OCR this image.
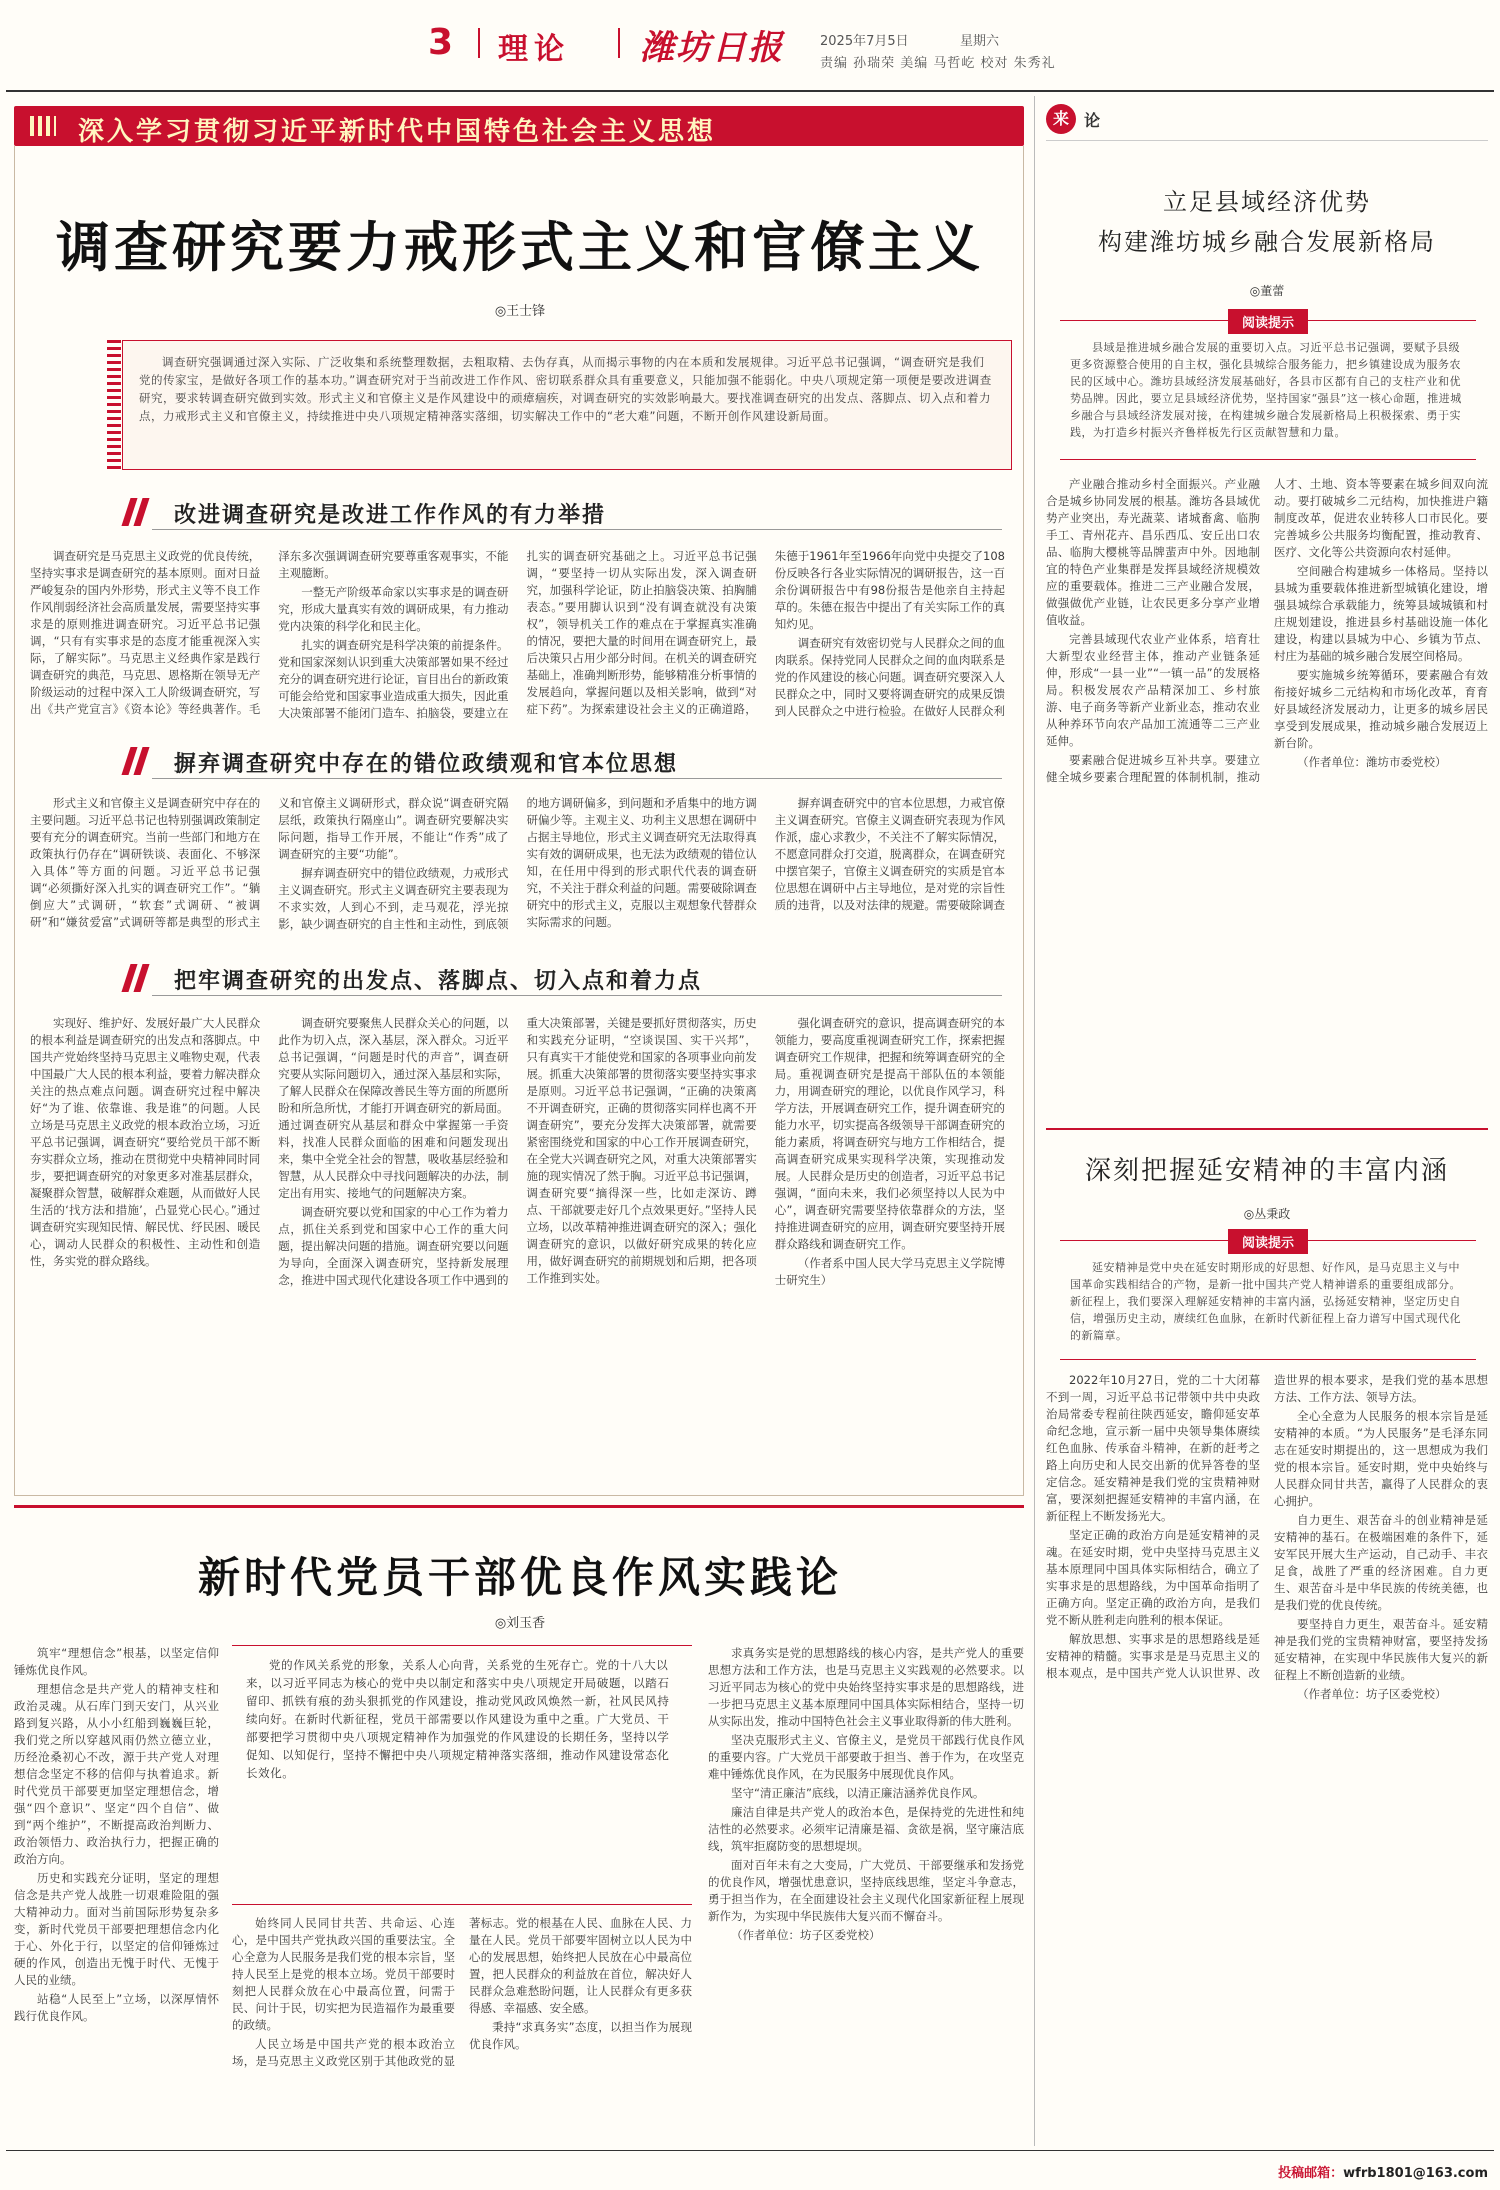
3 理论 潍坊日报	2025年7月5日	星期六
责编 孙瑞荣 美编 马哲屹 校对 朱秀礼
深入学习贯彻习近平新时代中国特色社会主义思想
调查研究要力戒形式主义和官僚主义
◎王士锋

调查研究强调通过深入实际、广泛收集和系统整理数据，去粗取精、去伪存真，从而揭示事物的内在本质和发展规律。习近平总书记强调，“调查研究是我们党的传家宝，是做好各项工作的基本功。”调查研究对于当前改进工作作风、密切联系群众具有重要意义，只能加强不能弱化。中央八项规定第一项便是要改进调查研究，要求转调查研究做到实效。形式主义和官僚主义是作风建设中的顽瘴痼疾，对调查研究的实效影响最大。要找准调查研究的出发点、落脚点、切入点和着力点，力戒形式主义和官僚主义，持续推进中央八项规定精神落实落细，切实解决工作中的“老大难”问题，不断开创作风建设新局面。

改进调查研究是改进工作作风的有力举措

调查研究是马克思主义政党的优良传统，坚持实事求是调查研究的基本原则。面对日益严峻复杂的国内外形势，形式主义等不良工作作风削弱经济社会高质量发展，需要坚持实事求是的原则推进调查研究。习近平总书记强调，“只有有实事求是的态度才能重视深入实际，了解实际”。马克思主义经典作家是践行调查研究的典范，马克思、恩格斯在领导无产阶级运动的过程中深入工人阶级调查研究，写出《共产党宣言》《资本论》等经典著作。毛泽东多次强调调查研究要尊重客观事实，不能主观臆断。

一整无产阶级革命家以实事求是的调查研究，形成大量真实有效的调研成果，有力推动党内决策的科学化和民主化。

扎实的调查研究是科学决策的前提条件。党和国家深刻认识到重大决策部署如果不经过充分的调查研究进行论证，盲目出台的新政策可能会给党和国家事业造成重大损失，因此重大决策部署不能闭门造车、拍脑袋，要建立在扎实的调查研究基础之上。习近平总书记强调，“要坚持一切从实际出发，深入调查研究，加强科学论证，防止拍脑袋决策、拍胸脯表态。”要用脚认识到“没有调查就没有决策权”，领导机关工作的难点在于掌握真实准确的情况，要把大量的时间用在调查研究上，最后决策只占用少部分时间。在机关的调查研究基础上，准确判断形势，能够精准分析事情的发展趋向，掌握问题以及相关影响，做到“对症下药”。为探索建设社会主义的正确道路，朱德于1961年至1966年向党中央提交了108份反映各行各业实际情况的调研报告，这一百余份调研报告中有98份报告是他亲自主持起草的。朱德在报告中提出了有关实际工作的真知灼见。

调查研究有效密切党与人民群众之间的血肉联系。保持党同人民群众之间的血肉联系是党的作风建设的核心问题。调查研究要深入人民群众之中，同时又要将调查研究的成果反馈到人民群众之中进行检验。在做好人民群众利

摒弃调查研究中存在的错位政绩观和官本位思想

形式主义和官僚主义是调查研究中存在的主要问题。习近平总书记也特别强调政策制定要有充分的调查研究。当前一些部门和地方在政策执行仍存在“调研铁谈、表面化、不够深入具体”等方面的问题。习近平总书记强调“必须撕好深入扎实的调查研究工作”。“躺倒应大”式调研，“软套”式调研、“被调研”和“嫌贫爱富”式调研等都是典型的形式主义和官僚主义调研形式，群众说“调查研究隔层纸，政策执行隔座山”。调查研究要解决实际问题，指导工作开展，不能让“作秀”成了调查研究的主要“功能”。

摒弃调查研究中的错位政绩观，力戒形式主义调查研究。形式主义调查研究主要表现为不求实效，人到心不到，走马观花，浮光掠影，缺少调查研究的自主性和主动性，到底领的地方调研偏多，到问题和矛盾集中的地方调研偏少等。主观主义、功利主义思想在调研中占据主导地位，形式主义调查研究无法取得真实有效的调研成果，也无法为政绩观的错位认知，在任用中得到的形式职代代表的调查研究，不关注于群众利益的问题。需要破除调查研究中的形式主义，克服以主观想象代替群众实际需求的问题。

摒弃调查研究中的官本位思想，力戒官僚主义调查研究。官僚主义调查研究表现为作风作派，虚心求教少，不关注不了解实际情况，不愿意同群众打交道，脱离群众，在调查研究中摆官架子，官僚主义调查研究的实质是官本位思想在调研中占主导地位，是对党的宗旨性质的违背，以及对法律的规避。需要破除调查

把牢调查研究的出发点、落脚点、切入点和着力点

实现好、维护好、发展好最广大人民群众的根本利益是调查研究的出发点和落脚点。中国共产党始终坚持马克思主义唯物史观，代表中国最广大人民的根本利益，要着力解决群众关注的热点难点问题。调查研究过程中解决好“为了谁、依靠谁、我是谁”的问题。人民立场是马克思主义政党的根本政治立场，习近平总书记强调，调查研究“要给党员干部不断夯实群众立场，推动在贯彻党中央精神同时同步，要把调查研究的对象更多对准基层群众，凝聚群众智慧，破解群众难题，从而做好人民生活的‘找方法和措施’，凸显党心民心。”通过调查研究实现知民情、解民忧、纾民困、暖民心，调动人民群众的积极性、主动性和创造性，务实党的群众路线。

调查研究要聚焦人民群众关心的问题，以此作为切入点，深入基层，深入群众。习近平总书记强调，“问题是时代的声音”，调查研究要从实际问题切入，通过深入基层和实际，了解人民群众在保障改善民生等方面的所愿所盼和所急所忧，才能打开调查研究的新局面。通过调查研究从基层和群众中掌握第一手资料，找准人民群众面临的困难和问题发现出来，集中全党全社会的智慧，吸收基层经验和智慧，从人民群众中寻找问题解决的办法，制定出有用实、接地气的问题解决方案。

调查研究要以党和国家的中心工作为着力点，抓住关系到党和国家中心工作的重大问题，提出解决问题的措施。调查研究要以问题为导向，全面深入调查研究，坚持新发展理念，推进中国式现代化建设各项工作中遇到的重大决策部署，关键是要抓好贯彻落实，历史和实践充分证明，“空谈误国、实干兴邦”，只有真实干才能使党和国家的各项事业向前发展。抓重大决策部署的贯彻落实要坚持实事求是原则。习近平总书记强调，“正确的决策离不开调查研究，正确的贯彻落实同样也离不开调查研究”，要充分发挥大决策部署，就需要紧密围绕党和国家的中心工作开展调查研究，在全党大兴调查研究之风，对重大决策部署实施的现实情况了然于胸。习近平总书记强调，调查研究要“摘得深一些，比如走深访、蹲点、干部就要走好几个点效果更好。”坚持人民立场，以改革精神推进调查研究的深入；强化调查研究的意识，以做好研究成果的转化应用，做好调查研究的前期规划和后期，把各项工作推到实处。

强化调查研究的意识，提高调查研究的本领能力，要高度重视调查研究工作，探索把握调查研究工作规律，把握和统筹调查研究的全局。重视调查研究是提高干部队伍的本领能力，用调查研究的理论，以优良作风学习，科学方法，开展调查研究工作，提升调查研究的能力水平，切实提高各级领导干部调查研究的能力素质，将调查研究与地方工作相结合，提高调查研究成果实现科学决策，实现推动发展。人民群众是历史的创造者，习近平总书记强调，“面向未来，我们必须坚持以人民为中心”，调查研究需要坚持依靠群众的方法，坚持推进调查研究的应用，调查研究要坚持开展群众路线和调查研究工作。

（作者系中国人民大学马克思主义学院博士研究生）

新时代党员干部优良作风实践论
◎刘玉香

筑牢“理想信念”根基，以坚定信仰锤炼优良作风。

理想信念是共产党人的精神支柱和政治灵魂。从石库门到天安门，从兴业路到复兴路，从小小红船到巍巍巨轮，我们党之所以穿越风雨仍然立德立业，历经沧桑初心不改，源于共产党人对理想信念坚定不移的信仰与执着追求。新时代党员干部要更加坚定理想信念，增强“四个意识”、坚定“四个自信”、做到“两个维护”，不断提高政治判断力、政治领悟力、政治执行力，把握正确的政治方向。

历史和实践充分证明，坚定的理想信念是共产党人战胜一切艰难险阻的强大精神动力。面对当前国际形势复杂多变，新时代党员干部要把理想信念内化于心、外化于行，以坚定的信仰锤炼过硬的作风，创造出无愧于时代、无愧于人民的业绩。

站稳“人民至上”立场，以深厚情怀践行优良作风。

党的作风关系党的形象，关系人心向背，关系党的生死存亡。党的十八大以来，以习近平同志为核心的党中央以制定和落实中央八项规定开局破题，以踏石留印、抓铁有痕的劲头狠抓党的作风建设，推动党风政风焕然一新，社风民风持续向好。在新时代新征程，党员干部需要以作风建设为重中之重。广大党员、干部要把学习贯彻中央八项规定精神作为加强党的作风建设的长期任务，坚持以学促知、以知促行，坚持不懈把中央八项规定精神落实落细，推动作风建设常态化长效化。

始终同人民同甘共苦、共命运、心连心，是中国共产党执政兴国的重要法宝。全心全意为人民服务是我们党的根本宗旨，坚持人民至上是党的根本立场。党员干部要时刻把人民群众放在心中最高位置，问需于民、问计于民，切实把为民造福作为最重要的政绩。

人民立场是中国共产党的根本政治立场，是马克思主义政党区别于其他政党的显著标志。党的根基在人民、血脉在人民、力量在人民。党员干部要牢固树立以人民为中心的发展思想，始终把人民放在心中最高位置，把人民群众的利益放在首位，解决好人民群众急难愁盼问题，让人民群众有更多获得感、幸福感、安全感。

秉持“求真务实”态度，以担当作为展现优良作风。

求真务实是党的思想路线的核心内容，是共产党人的重要思想方法和工作方法，也是马克思主义实践观的必然要求。以习近平同志为核心的党中央始终坚持实事求是的思想路线，进一步把马克思主义基本原理同中国具体实际相结合，坚持一切从实际出发，推动中国特色社会主义事业取得新的伟大胜利。

坚决克服形式主义、官僚主义，是党员干部践行优良作风的重要内容。广大党员干部要敢于担当、善于作为，在攻坚克难中锤炼优良作风，在为民服务中展现优良作风。

坚守“清正廉洁”底线，以清正廉洁涵养优良作风。

廉洁自律是共产党人的政治本色，是保持党的先进性和纯洁性的必然要求。必须牢记清廉是福、贪欲是祸，坚守廉洁底线，筑牢拒腐防变的思想堤坝。

面对百年未有之大变局，广大党员、干部要继承和发扬党的优良作风，增强忧患意识，坚持底线思维，坚定斗争意志，勇于担当作为，在全面建设社会主义现代化国家新征程上展现新作为，为实现中华民族伟大复兴而不懈奋斗。

（作者单位：坊子区委党校）

来 论
立足县域经济优势
构建潍坊城乡融合发展新格局
◎董蕾
阅读提示

县域是推进城乡融合发展的重要切入点。习近平总书记强调，要赋予县级更多资源整合使用的自主权，强化县城综合服务能力，把乡镇建设成为服务农民的区域中心。潍坊县域经济发展基础好，各县市区都有自己的支柱产业和优势品牌。因此，要立足县域经济优势，坚持国家“强县”这一核心命题，推进城乡融合与县域经济发展对接，在构建城乡融合发展新格局上积极探索、勇于实践，为打造乡村振兴齐鲁样板先行区贡献智慧和力量。

产业融合推动乡村全面振兴。产业融合是城乡协同发展的根基。潍坊各县域优势产业突出，寿光蔬菜、诸城畜禽、临朐手工、青州花卉、昌乐西瓜、安丘出口农品、临朐大樱桃等品牌蜚声中外。因地制宜的特色产业集群是发挥县域经济规模效应的重要载体。推进二三产业融合发展，做强做优产业链，让农民更多分享产业增值收益。

完善县域现代农业产业体系，培育壮大新型农业经营主体，推动产业链条延伸，形成“一县一业”“一镇一品”的发展格局。积极发展农产品精深加工、乡村旅游、电子商务等新产业新业态，推动农业从种养环节向农产品加工流通等二三产业延伸。

要素融合促进城乡互补共享。要建立健全城乡要素合理配置的体制机制，推动人才、土地、资本等要素在城乡间双向流动。要打破城乡二元结构，加快推进户籍制度改革，促进农业转移人口市民化。要完善城乡公共服务均衡配置，推动教育、医疗、文化等公共资源向农村延伸。

空间融合构建城乡一体格局。坚持以县城为重要载体推进新型城镇化建设，增强县城综合承载能力，统筹县域城镇和村庄规划建设，推进县乡村基础设施一体化建设，构建以县城为中心、乡镇为节点、村庄为基础的城乡融合发展空间格局。

要实施城乡统筹循环，要素融合有效衔接好城乡二元结构和市场化改革，育育好县域经济发展动力，让更多的城乡居民享受到发展成果，推动城乡融合发展迈上新台阶。

（作者单位：潍坊市委党校）

深刻把握延安精神的丰富内涵
◎丛秉政
阅读提示

延安精神是党中央在延安时期形成的好思想、好作风，是马克思主义与中国革命实践相结合的产物，是新一批中国共产党人精神谱系的重要组成部分。新征程上，我们要深入理解延安精神的丰富内涵，弘扬延安精神，坚定历史自信，增强历史主动，赓续红色血脉，在新时代新征程上奋力谱写中国式现代化的新篇章。

2022年10月27日，党的二十大闭幕不到一周，习近平总书记带领中共中央政治局常委专程前往陕西延安，瞻仰延安革命纪念地，宣示新一届中央领导集体赓续红色血脉、传承奋斗精神，在新的赶考之路上向历史和人民交出新的优异答卷的坚定信念。延安精神是我们党的宝贵精神财富，要深刻把握延安精神的丰富内涵，在新征程上不断发扬光大。

坚定正确的政治方向是延安精神的灵魂。在延安时期，党中央坚持马克思主义基本原理同中国具体实际相结合，确立了实事求是的思想路线，为中国革命指明了正确方向。坚定正确的政治方向，是我们党不断从胜利走向胜利的根本保证。

解放思想、实事求是的思想路线是延安精神的精髓。实事求是是马克思主义的根本观点，是中国共产党人认识世界、改造世界的根本要求，是我们党的基本思想方法、工作方法、领导方法。

全心全意为人民服务的根本宗旨是延安精神的本质。“为人民服务”是毛泽东同志在延安时期提出的，这一思想成为我们党的根本宗旨。延安时期，党中央始终与人民群众同甘共苦，赢得了人民群众的衷心拥护。

自力更生、艰苦奋斗的创业精神是延安精神的基石。在极端困难的条件下，延安军民开展大生产运动，自己动手、丰衣足食，战胜了严重的经济困难。自力更生、艰苦奋斗是中华民族的传统美德，也是我们党的优良传统。

要坚持自力更生，艰苦奋斗。延安精神是我们党的宝贵精神财富，要坚持发扬延安精神，在实现中华民族伟大复兴的新征程上不断创造新的业绩。

（作者单位：坊子区委党校）

投稿邮箱：wfrb1801@163.com
